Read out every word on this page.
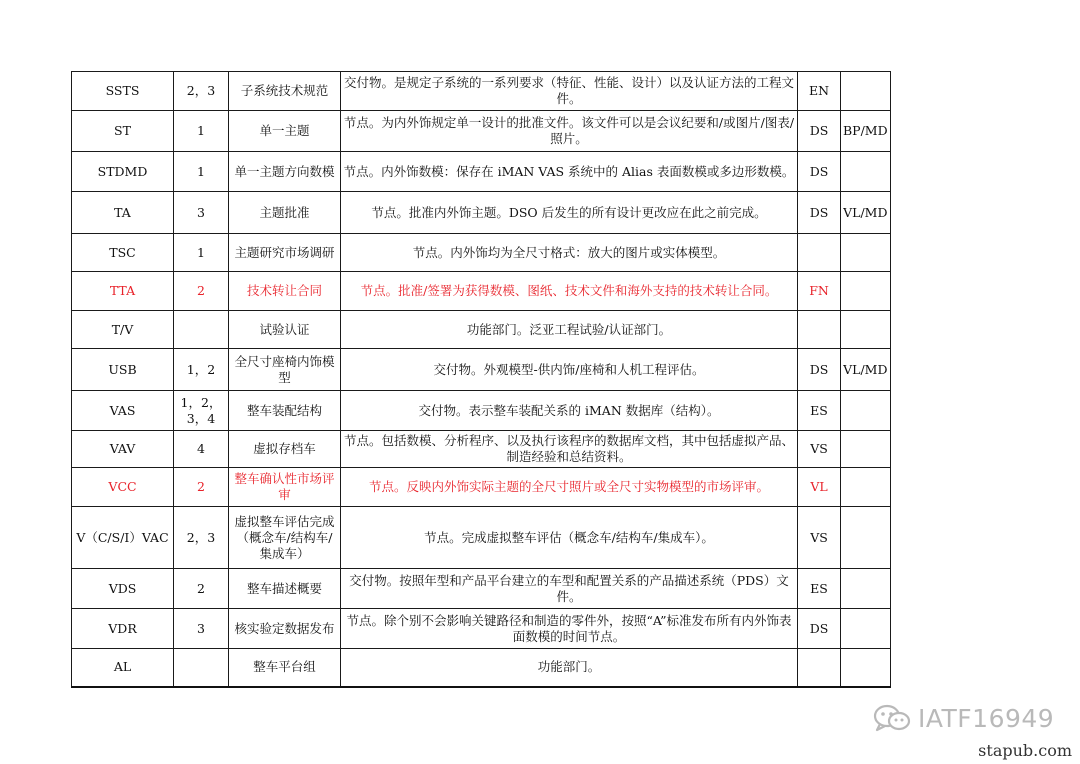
SSTS	2，3	子系统技术规范	交付物。是规定子系统的一系列要求（特征、性能、设计）以及认证方法的工程文件。	EN	
ST	1	单一主题	节点。为内外饰规定单一设计的批准文件。该文件可以是会议纪要和/或图片/图表/照片。	DS	BP/MD
STDMD	1	单一主题方向数模	节点。内外饰数模：保存在 iMAN VAS 系统中的 Alias 表面数模或多边形数模。	DS	
TA	3	主题批准	节点。批准内外饰主题。DSO 后发生的所有设计更改应在此之前完成。	DS	VL/MD
TSC	1	主题研究市场调研	节点。内外饰均为全尺寸格式：放大的图片或实体模型。		
TTA	2	技术转让合同	节点。批准/签署为获得数模、图纸、技术文件和海外支持的技术转让合同。	FN	
T/V		试验认证	功能部门。泛亚工程试验/认证部门。		
USB	1，2	全尺寸座椅内饰模型	交付物。外观模型-供内饰/座椅和人机工程评估。	DS	VL/MD
VAS	1，2，3，4	整车装配结构	交付物。表示整车装配关系的 iMAN 数据库（结构）。	ES	
VAV	4	虚拟存档车	节点。包括数模、分析程序、以及执行该程序的数据库文档，其中包括虚拟产品、制造经验和总结资料。	VS	
VCC	2	整车确认性市场评审	节点。反映内外饰实际主题的全尺寸照片或全尺寸实物模型的市场评审。	VL	
V（C/S/I）VAC	2，3	虚拟整车评估完成（概念车/结构车/集成车）	节点。完成虚拟整车评估（概念车/结构车/集成车）。	VS	
VDS	2	整车描述概要	交付物。按照年型和产品平台建立的车型和配置关系的产品描述系统（PDS）文件。	ES	
VDR	3	核实验定数据发布	节点。除个别不会影响关键路径和制造的零件外，按照“A”标准发布所有内外饰表面数模的时间节点。	DS	
AL		整车平台组	功能部门。		
IATF16949
stapub.com
